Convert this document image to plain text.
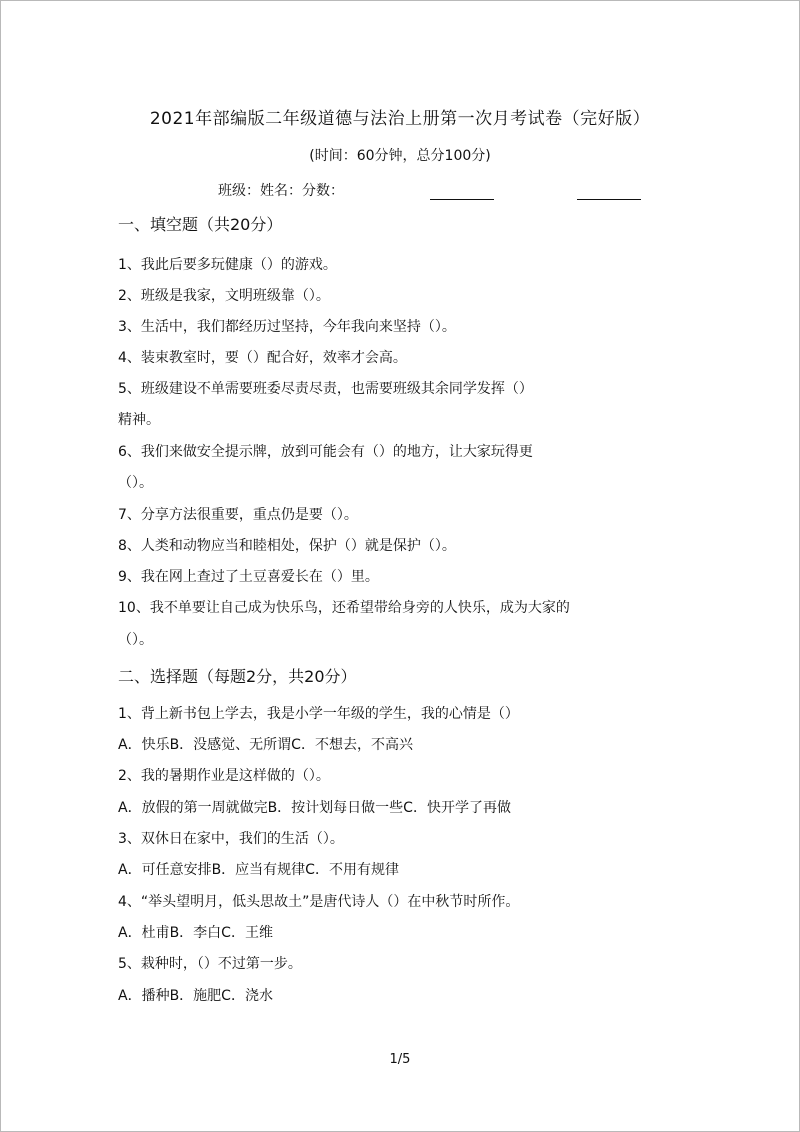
2021年部编版二年级道德与法治上册第一次月考试卷（完好版）
(时间：60分钟，总分100分)
班级：姓名：分数：
一、填空题（共20分）
1、我此后要多玩健康（）的游戏。
2、班级是我家，文明班级靠（）。
3、生活中，我们都经历过坚持，今年我向来坚持（）。
4、装束教室时，要（）配合好，效率才会高。
5、班级建设不单需要班委尽责尽责，也需要班级其余同学发挥（）
精神。
6、我们来做安全提示牌，放到可能会有（）的地方，让大家玩得更
（）。
7、分享方法很重要，重点仍是要（）。
8、人类和动物应当和睦相处，保护（）就是保护（）。
9、我在网上查过了土豆喜爱长在（）里。
10、我不单要让自己成为快乐鸟，还希望带给身旁的人快乐，成为大家的
（）。
二、选择题（每题2分，共20分）
1、背上新书包上学去，我是小学一年级的学生，我的心情是（）
A．快乐B．没感觉、无所谓C．不想去，不高兴
2、我的暑期作业是这样做的（）。
A．放假的第一周就做完B．按计划每日做一些C．快开学了再做
3、双休日在家中，我们的生活（）。
A．可任意安排B．应当有规律C．不用有规律
4、“举头望明月，低头思故土”是唐代诗人（）在中秋节时所作。
A．杜甫B．李白C．王维
5、栽种时，（）不过第一步。
A．播种B．施肥C．浇水
1/5
